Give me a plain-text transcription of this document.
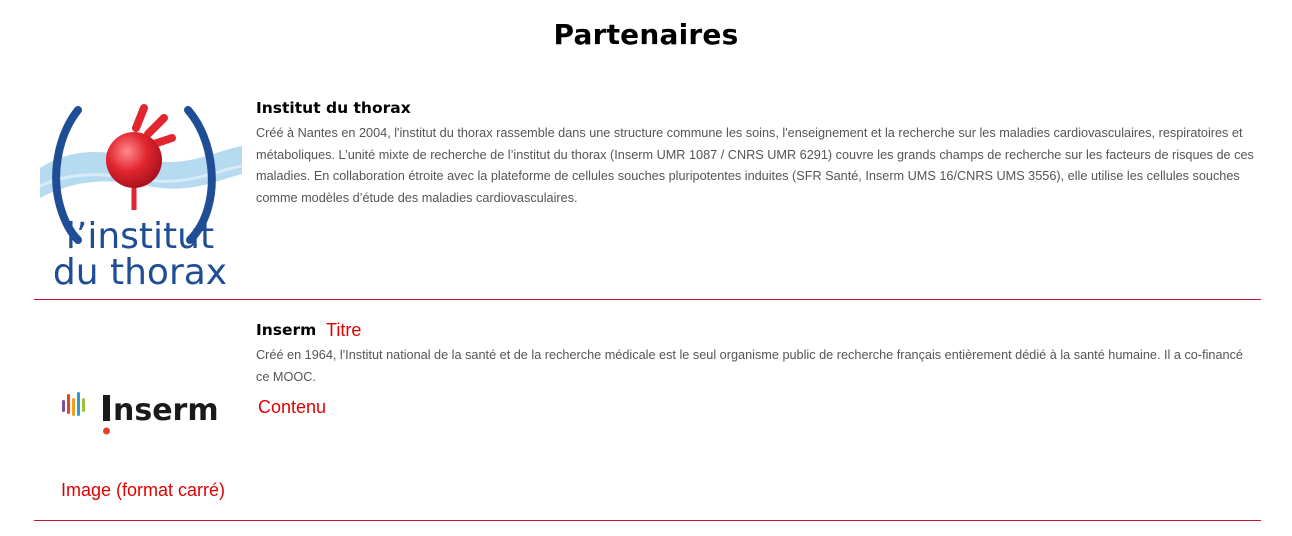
Partenaires
l’institut
du thorax
Institut du thorax

Créé à Nantes en 2004, l'institut du thorax rassemble dans une structure commune les soins, l'enseignement et la recherche sur les maladies cardiovasculaires, respiratoires et métaboliques. L’unité mixte de recherche de l’institut du thorax (Inserm UMR 1087 / CNRS UMR 6291) couvre les grands champs de recherche sur les facteurs de risques de ces maladies. En collaboration étroite avec la plateforme de cellules souches pluripotentes induites (SFR Santé, Inserm UMS 16/CNRS UMS 3556), elle utilise les cellules souches comme modèles d’étude des maladies cardiovasculaires.

nserm
Inserm

Créé en 1964, l'Institut national de la santé et de la recherche médicale est le seul organisme public de recherche français entièrement dédié à la santé humaine. Il a co-financé ce MOOC.

Titre
Contenu
Image (format carré)
